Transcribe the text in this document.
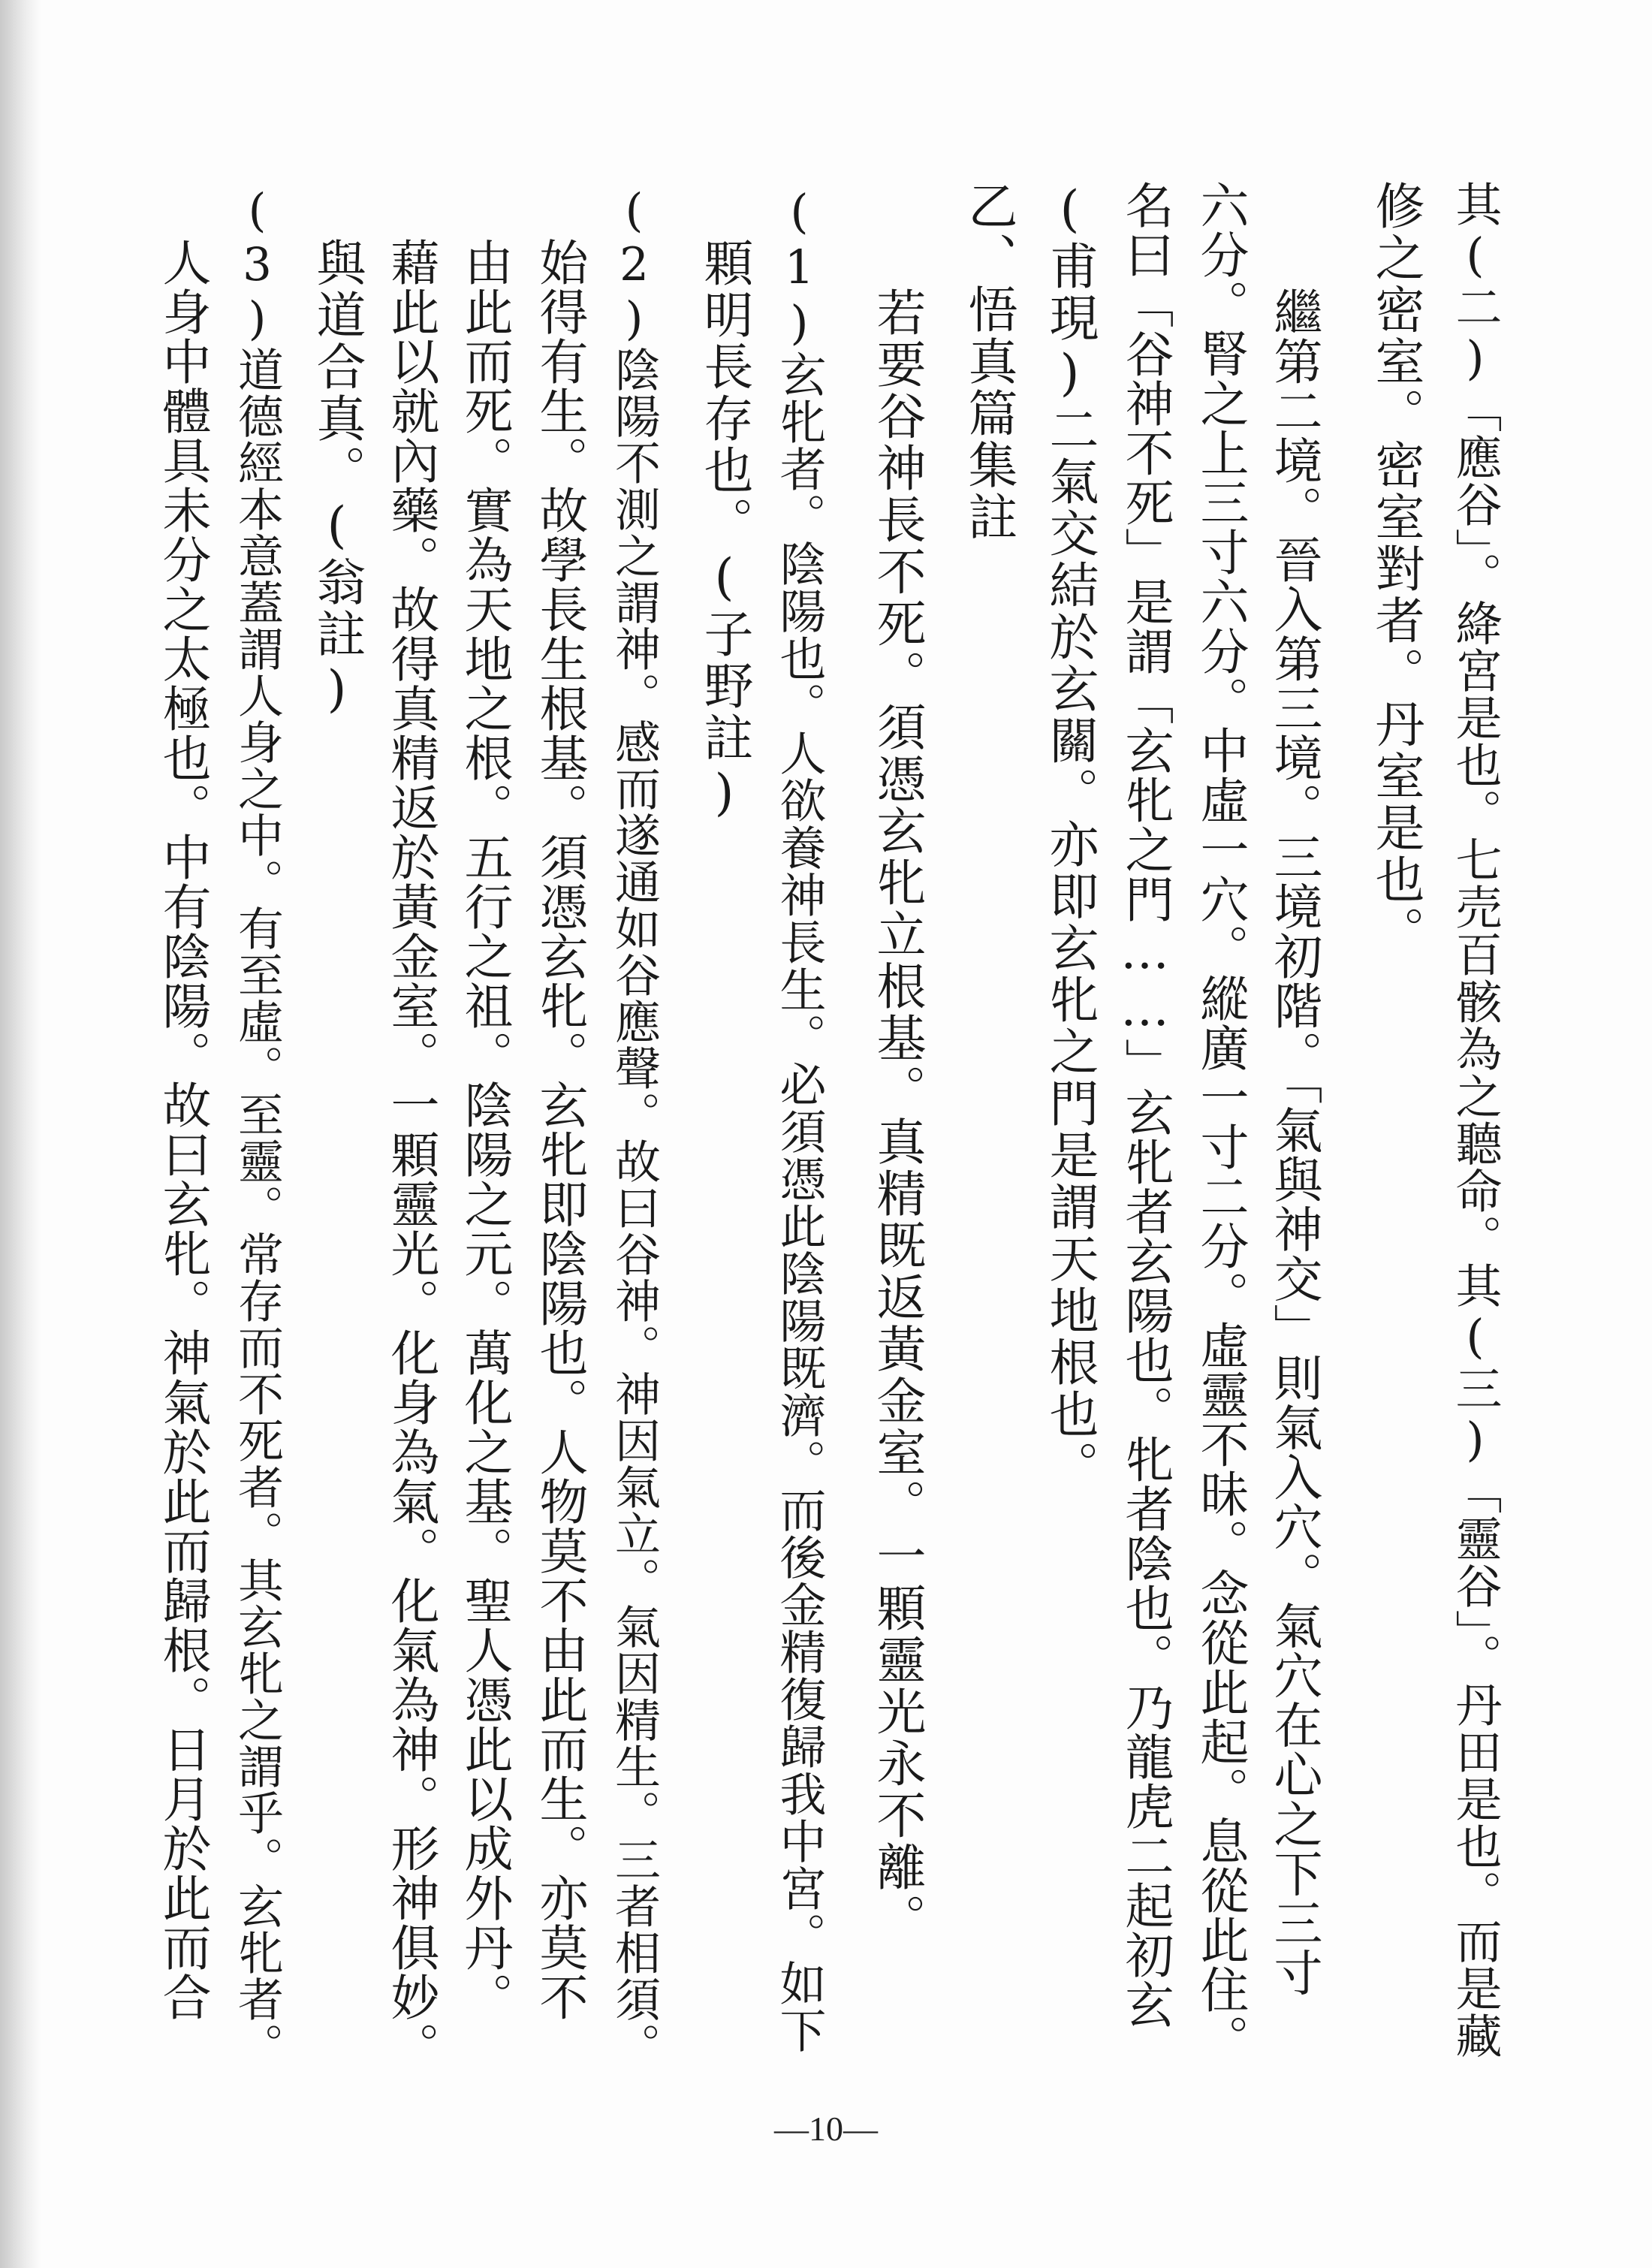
其(二)「應谷」。絳宮是也。七売百骸為之聽命。其(三)「靈谷」。丹田是也。而是藏
修之密室。密室對者。丹室是也。
繼第二境。晉入第三境。三境初階。「氣與神交」則氣入穴。氣穴在心之下三寸
六分。腎之上三寸六分。中虛一穴。縱廣一寸二分。虛靈不昧。念從此起。息從此住。
名曰「谷神不死」是謂「玄牝之門……」玄牝者玄陽也。牝者陰也。乃龍虎二起初玄
(甫現)二氣交結於玄關。亦即玄牝之門是謂天地根也。
乙、悟真篇集註
若要谷神長不死。須憑玄牝立根基。真精既返黃金室。一顆靈光永不離。
(1)玄牝者。陰陽也。人欲養神長生。必須憑此陰陽既濟。而後金精復歸我中宮。如下
顆明長存也。(子野註)
(2)陰陽不測之謂神。感而遂通如谷應聲。故曰谷神。神因氣立。氣因精生。三者相須。
始得有生。故學長生根基。須憑玄牝。玄牝即陰陽也。人物莫不由此而生。亦莫不
由此而死。實為天地之根。五行之祖。陰陽之元。萬化之基。聖人憑此以成外丹。
藉此以就內藥。故得真精返於黃金室。一顆靈光。化身為氣。化氣為神。形神俱妙。
與道合真。(翁註)
(3)道德經本意蓋謂人身之中。有至虛。至靈。常存而不死者。其玄牝之謂乎。玄牝者。
人身中體具未分之太極也。中有陰陽。故曰玄牝。神氣於此而歸根。日月於此而合
—10—
